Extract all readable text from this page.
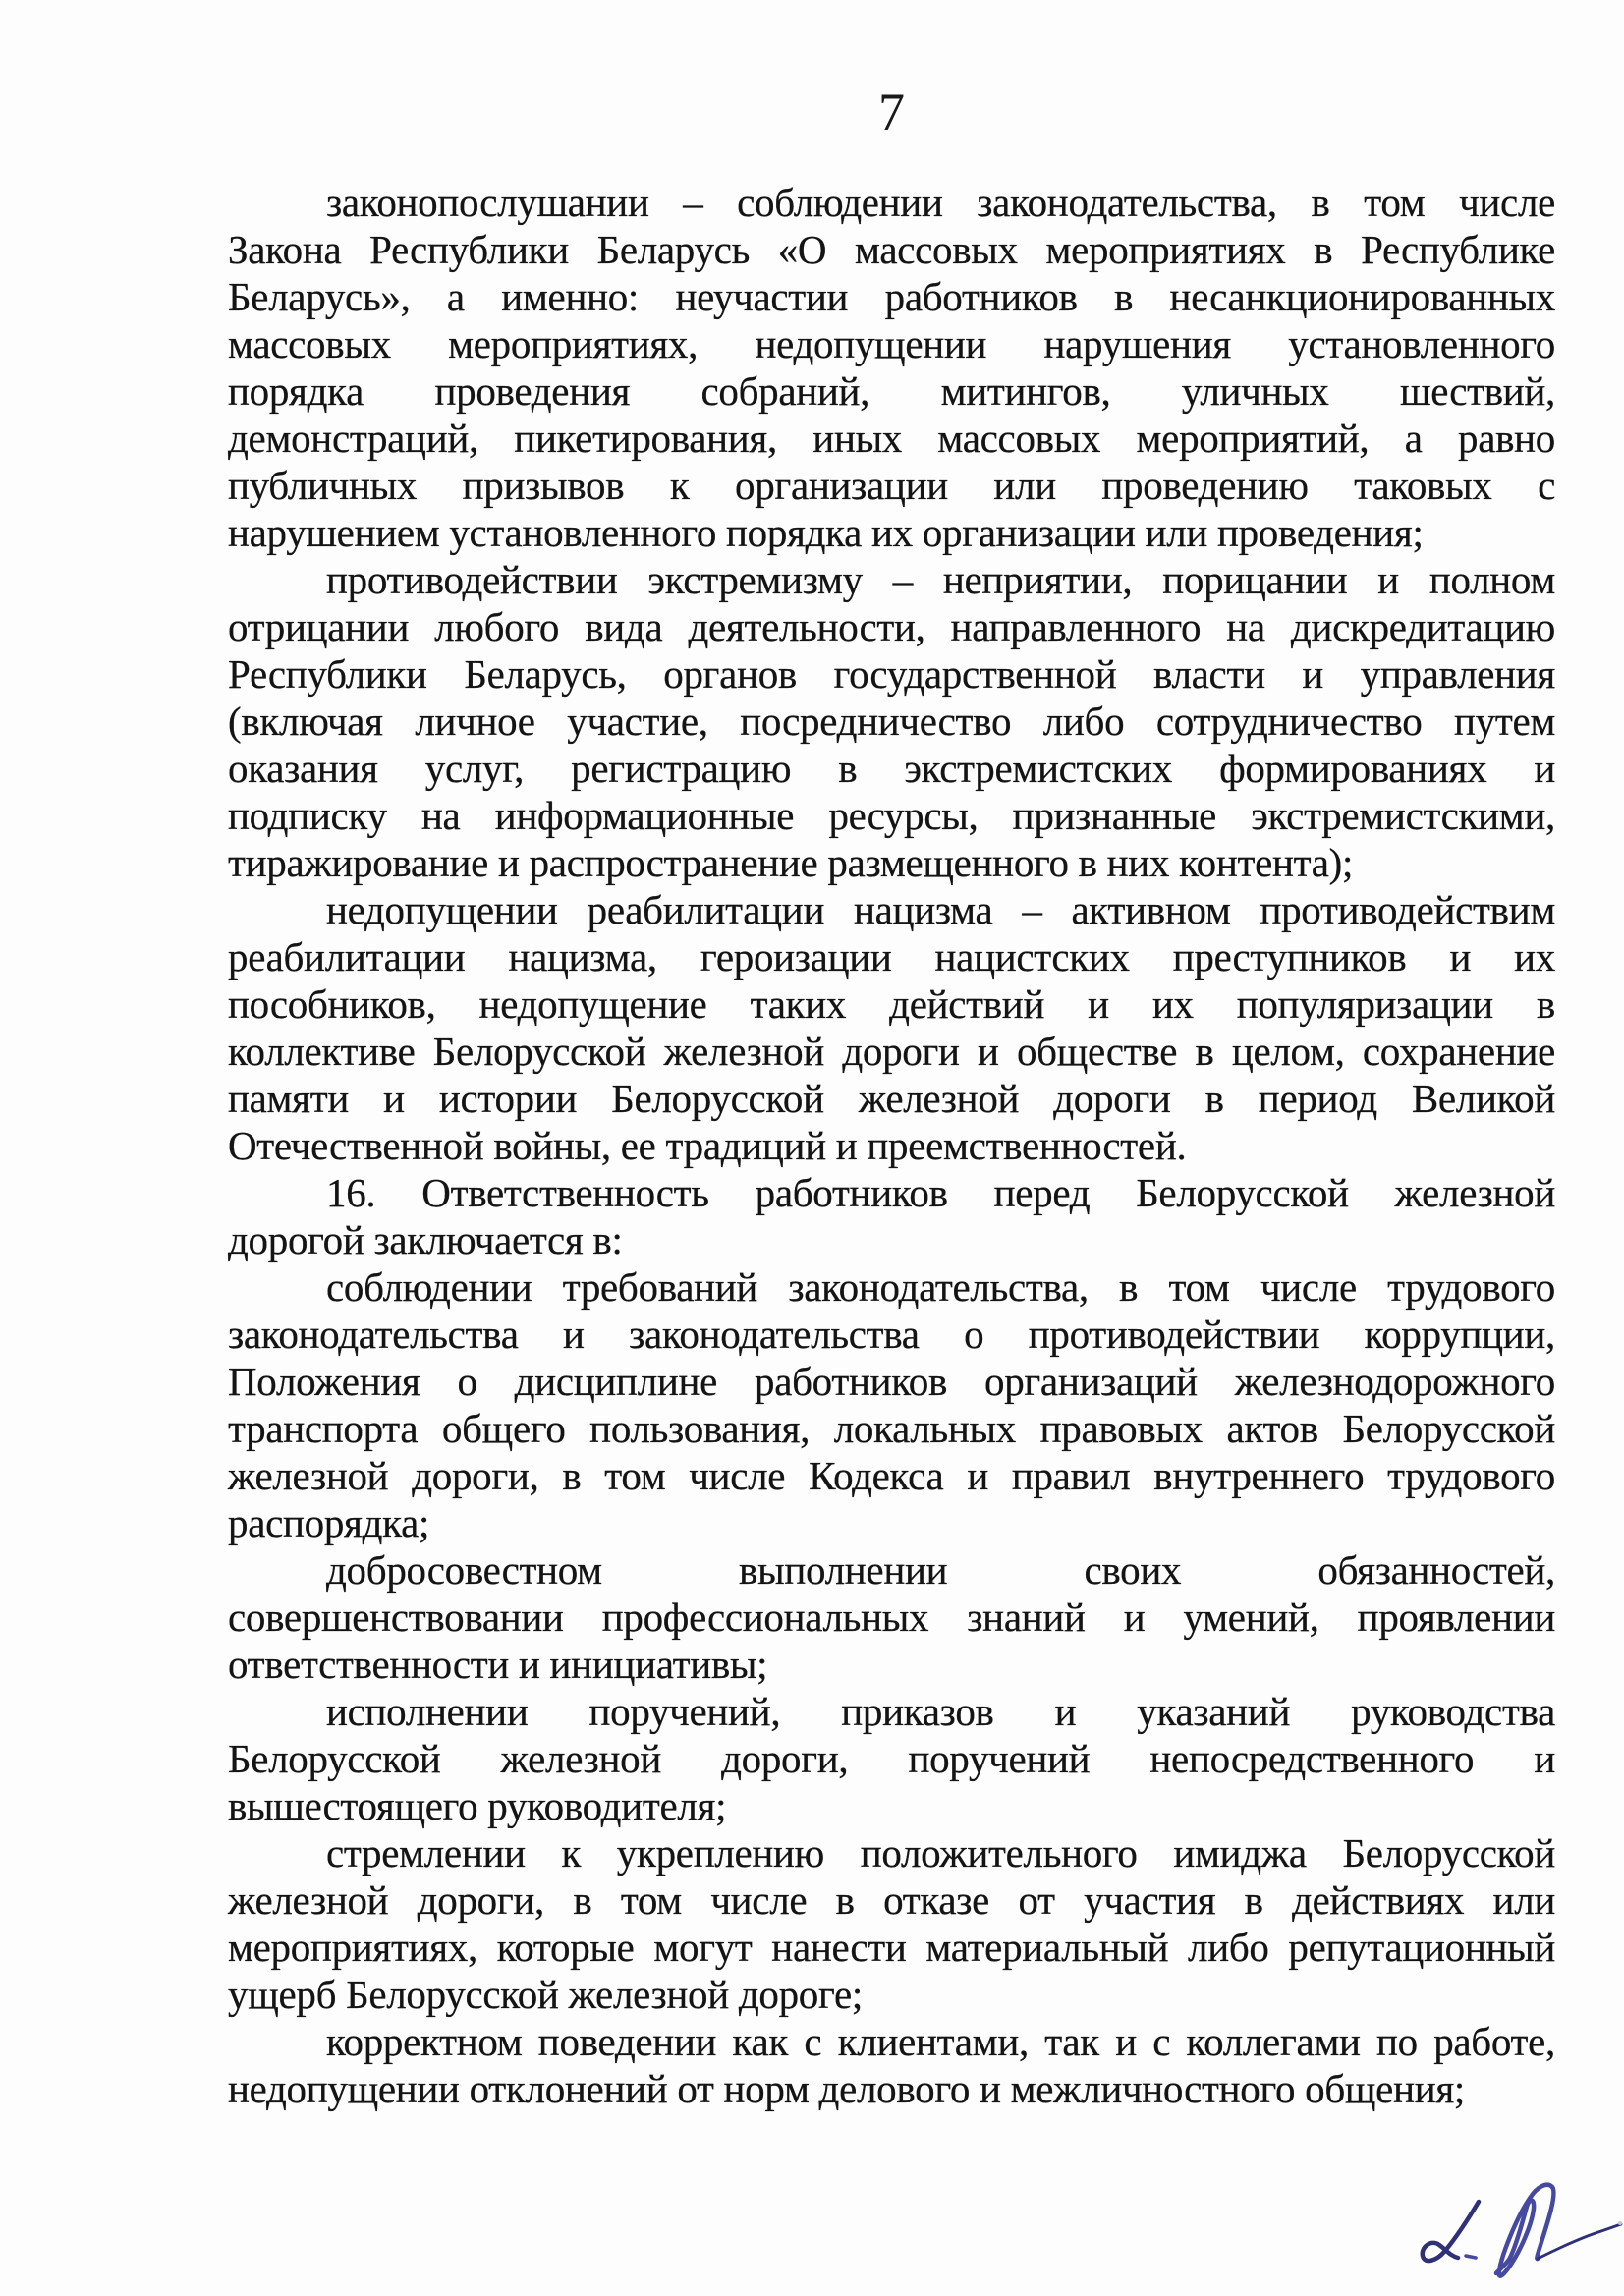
7
законопослушании – соблюдении законодательства, в том числе
Закона Республики Беларусь «О массовых мероприятиях в Республике
Беларусь», а именно: неучастии работников в несанкционированных
массовых мероприятиях, недопущении нарушения установленного
порядка проведения собраний, митингов, уличных шествий,
демонстраций, пикетирования, иных массовых мероприятий, а равно
публичных призывов к организации или проведению таковых с
нарушением установленного порядка их организации или проведения;
противодействии экстремизму – неприятии, порицании и полном
отрицании любого вида деятельности, направленного на дискредитацию
Республики Беларусь, органов государственной власти и управления
(включая личное участие, посредничество либо сотрудничество путем
оказания услуг, регистрацию в экстремистских формированиях и
подписку на информационные ресурсы, признанные экстремистскими,
тиражирование и распространение размещенного в них контента);
недопущении реабилитации нацизма – активном противодействим
реабилитации нацизма, героизации нацистских преступников и их
пособников, недопущение таких действий и их популяризации в
коллективе Белорусской железной дороги и обществе в целом, сохранение
памяти и истории Белорусской железной дороги в период Великой
Отечественной войны, ее традиций и преемственностей.
16. Ответственность работников перед Белорусской железной
дорогой заключается в:
соблюдении требований законодательства, в том числе трудового
законодательства и законодательства о противодействии коррупции,
Положения о дисциплине работников организаций железнодорожного
транспорта общего пользования, локальных правовых актов Белорусской
железной дороги, в том числе Кодекса и правил внутреннего трудового
распорядка;
добросовестном выполнении своих обязанностей,
совершенствовании профессиональных знаний и умений, проявлении
ответственности и инициативы;
исполнении поручений, приказов и указаний руководства
Белорусской железной дороги, поручений непосредственного и
вышестоящего руководителя;
стремлении к укреплению положительного имиджа Белорусской
железной дороги, в том числе в отказе от участия в действиях или
мероприятиях, которые могут нанести материальный либо репутационный
ущерб Белорусской железной дороге;
корректном поведении как с клиентами, так и с коллегами по работе,
недопущении отклонений от норм делового и межличностного общения;
